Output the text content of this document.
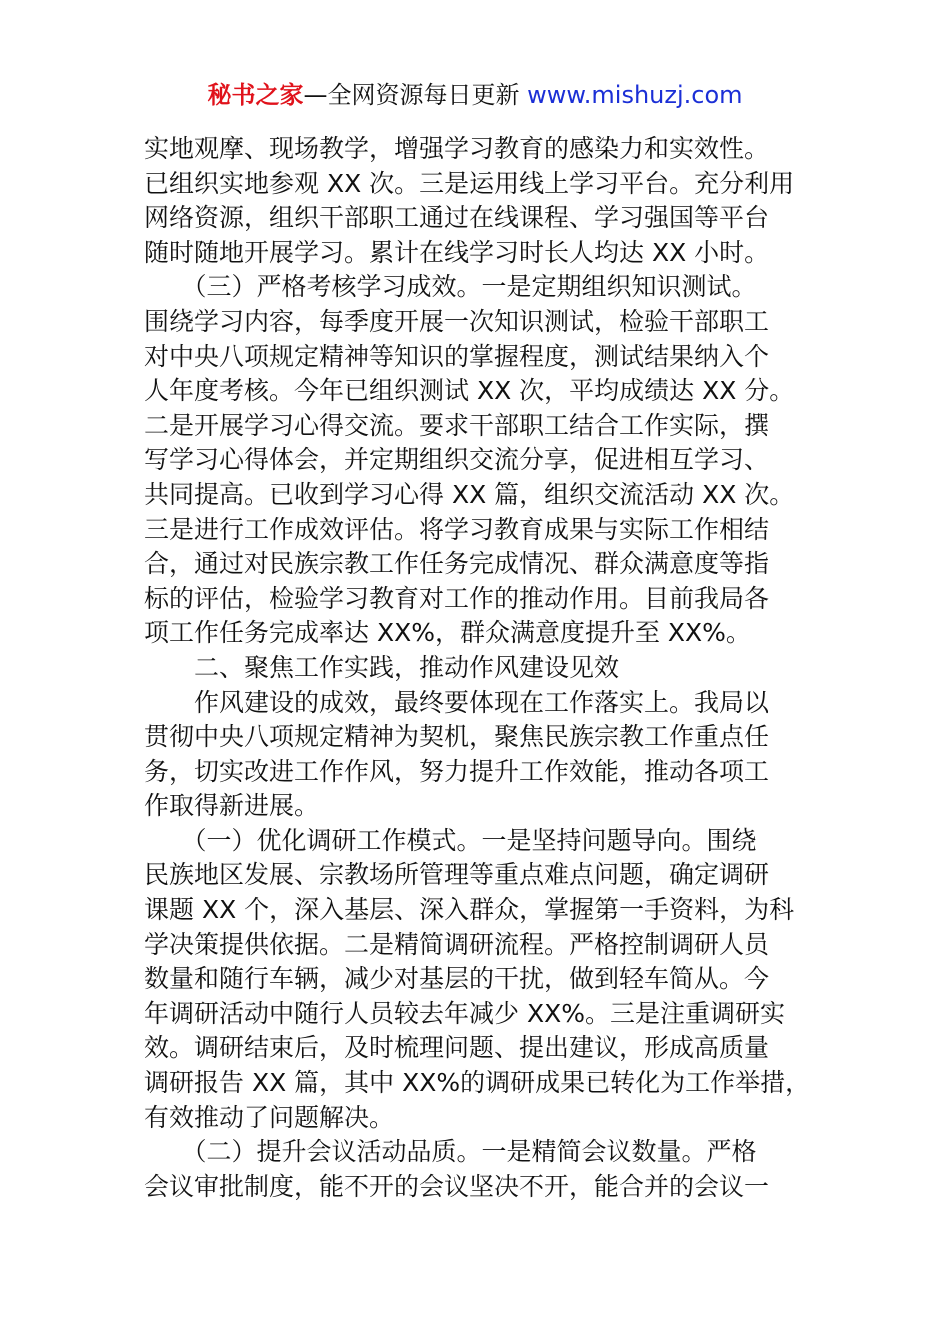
秘书之家—全网资源每日更新 www.mishuzj.com

实地观摩、现场教学，增强学习教育的感染力和实效性。

已组织实地参观 XX 次。三是运用线上学习平台。充分利用

网络资源，组织干部职工通过在线课程、学习强国等平台

随时随地开展学习。累计在线学习时长人均达 XX 小时。

　　（三）严格考核学习成效。一是定期组织知识测试。

围绕学习内容，每季度开展一次知识测试，检验干部职工

对中央八项规定精神等知识的掌握程度，测试结果纳入个

人年度考核。今年已组织测试 XX 次，平均成绩达 XX 分。

二是开展学习心得交流。要求干部职工结合工作实际，撰

写学习心得体会，并定期组织交流分享，促进相互学习、

共同提高。已收到学习心得 XX 篇，组织交流活动 XX 次。

三是进行工作成效评估。将学习教育成果与实际工作相结

合，通过对民族宗教工作任务完成情况、群众满意度等指

标的评估，检验学习教育对工作的推动作用。目前我局各

项工作任务完成率达 XX%，群众满意度提升至 XX%。

　　二、聚焦工作实践，推动作风建设见效

　　作风建设的成效，最终要体现在工作落实上。我局以

贯彻中央八项规定精神为契机，聚焦民族宗教工作重点任

务，切实改进工作作风，努力提升工作效能，推动各项工

作取得新进展。

　　（一）优化调研工作模式。一是坚持问题导向。围绕

民族地区发展、宗教场所管理等重点难点问题，确定调研

课题 XX 个，深入基层、深入群众，掌握第一手资料，为科

学决策提供依据。二是精简调研流程。严格控制调研人员

数量和随行车辆，减少对基层的干扰，做到轻车简从。今

年调研活动中随行人员较去年减少 XX%。三是注重调研实

效。调研结束后，及时梳理问题、提出建议，形成高质量

调研报告 XX 篇，其中 XX%的调研成果已转化为工作举措，

有效推动了问题解决。

　　（二）提升会议活动品质。一是精简会议数量。严格

会议审批制度，能不开的会议坚决不开，能合并的会议一
